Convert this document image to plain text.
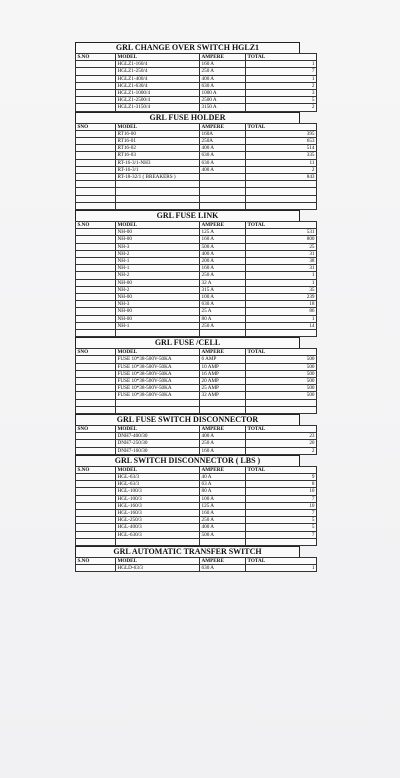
GRL CHANGE OVER SWITCH HGLZ1
S.NO	MODEL	AMPERE	TOTAL
	HGLZ1-160/4	160 A	1
	HGLZ1-250/4	250 A	7
	HGLZ1-400/4	400 A	1
	HGLZ1-630/4	630 A	2
	HGLZ1-1000/4	1000 A	3
	HGLZ1-2500/4	2500 A	5
	HGLZ1-3150/4	3150 A	2
GRL FUSE HOLDER
SNO	MODEL	AMPERE	TOTAL
	RT16-00	160A	395
	RT16-01	250A	653
	RT16-02	400 A	514
	RT16-03	630 A	335
	RT-16-3/1-NH3	630 A	11
	RT-16-3/1	400 A	2
	RT-18-32/1 ( BREAKERS )		843

GRL FUSE LINK
S.NO	MODEL	AMPERE	TOTAL
	NH-00	125 A	531
	NH-00	160 A	800
	NH-3	500 A	25
	NH-2	400 A	31
	NH-1	200 A	38
	NH-1	160 A	31
	NH-2	250 A	1
	NH-00	32 A	1
	NH-2	315 A	35
	NH-00	100 A	239
	NH-3	630 A	18
	NH-00	25 A	86
	NH-00	80 A	1
	NH-1	250 A	14

GRL FUSE /CELL
SNO	MODEL	AMPERE	TOTAL
	FUSE 10*38-500V-50KA	6 AMP	500
	FUSE 10*38-500V-50KA	10 AMP	500
	FUSE 10*38-500V-50KA	16 AMP	500
	FUSE 10*38-500V-50KA	20 AMP	500
	FUSE 10*38-500V-50KA	25 AMP	500
	FUSE 10*38-500V-50KA	32 AMP	500

GRL FUSE SWITCH DISCONNECTOR
SNO	MODEL	AMPERE	TOTAL
	DNH7-400/30	400 A	23
	DNH7-250/30	250 A	20
	DNH7-160/30	160 A	2
GRL SWITCH DISCONNECTOR ( LBS )
S.NO	MODEL	AMPERE	TOTAL
	HGL-63/3	40 A	9
	HGL-63/3	63 A	8
	HGL-100/3	80 A	10
	HGL-100/3	100 A	7
	HGL-160/3	125 A	10
	HGL-160/3	160 A	7
	HGL-250/3	250 A	5
	HGL-400/3	400 A	5
	HGL-630/3	500 A	7

GRL AUTOMATIC TRANSFER SWITCH
S.NO	MODEL	AMPERE	TOTAL
	HGLD-63/3	630 A	1
